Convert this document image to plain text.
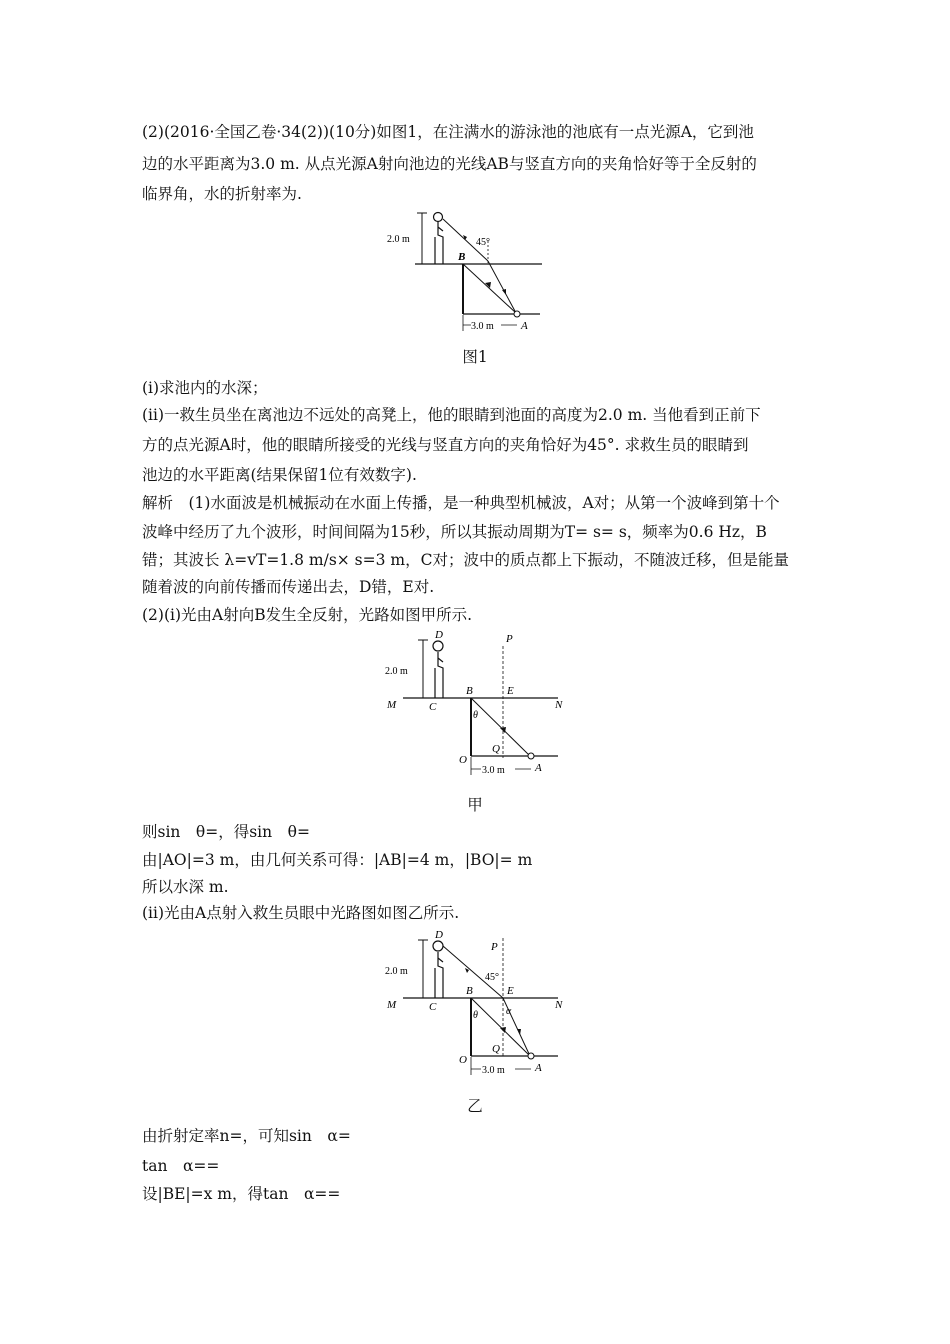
(2)(2016·全国乙卷·34(2))(10分)如图1，在注满水的游泳池的池底有一点光源A，它到池
边的水平距离为3.0 m. 从点光源A射向池边的光线AB与竖直方向的夹角恰好等于全反射的
临界角，水的折射率为.
2.0 m	45°
B
A
3.0 m
图1
(ⅰ)求池内的水深；
(ⅱ)一救生员坐在离池边不远处的高凳上，他的眼睛到池面的高度为2.0 m. 当他看到正前下
方的点光源A时，他的眼睛所接受的光线与竖直方向的夹角恰好为45°. 求救生员的眼睛到
池边的水平距离(结果保留1位有效数字).
解析　(1)水面波是机械振动在水面上传播，是一种典型机械波，A对；从第一个波峰到第十个
波峰中经历了九个波形，时间间隔为15秒，所以其振动周期为T= s= s，频率为0.6 Hz，B
错；其波长 λ=vT=1.8 m/s× s=3 m，C对；波中的质点都上下振动，不随波迁移，但是能量
随着波的向前传播而传递出去，D错，E对.
(2)(ⅰ)光由A射向B发生全反射，光路如图甲所示.
2.0 m
D
M	C
B	E
N
P
θ
Q
O
A
3.0 m
甲
则sin　θ=，得sin　θ=
由|AO|=3 m，由几何关系可得：|AB|=4 m，|BO|= m
所以水深 m.
(ⅱ)光由A点射入救生员眼中光路图如图乙所示.
2.0 m
D
M	C
B	E
N
P
45°
θ	α
Q
O
A
3.0 m
乙
由折射定率n=，可知sin　α=
tan　α==
设|BE|=x m，得tan　α==
